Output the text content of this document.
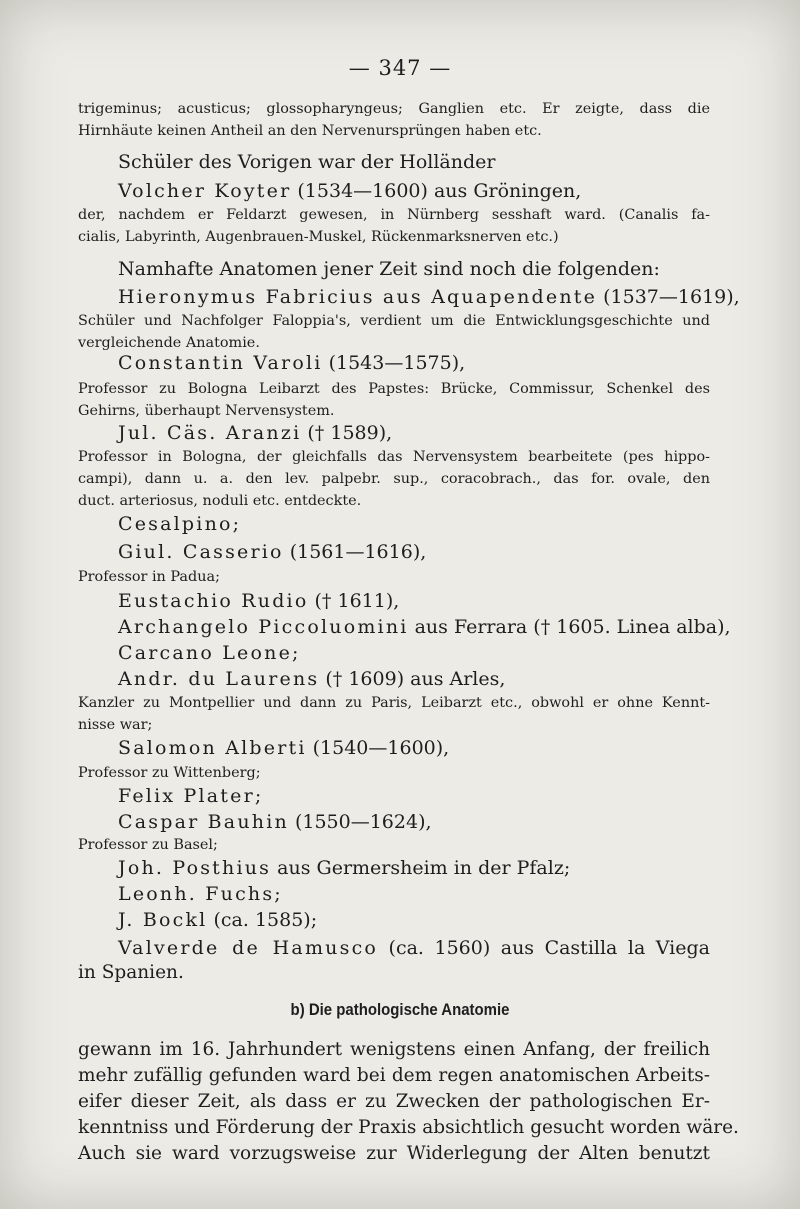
— 347 —
trigeminus; acusticus; glossopharyngeus; Ganglien etc. Er zeigte, dass die
Hirnhäute keinen Antheil an den Nervenursprüngen haben etc.
Schüler des Vorigen war der Holländer
Volcher Koyter (1534—1600) aus Gröningen,
der, nachdem er Feldarzt gewesen, in Nürnberg sesshaft ward. (Canalis fa-
cialis, Labyrinth, Augenbrauen-Muskel, Rückenmarksnerven etc.)
Namhafte Anatomen jener Zeit sind noch die folgenden:
Hieronymus Fabricius aus Aquapendente (1537—1619),
Schüler und Nachfolger Faloppia's, verdient um die Entwicklungsgeschichte und
vergleichende Anatomie.
Constantin Varoli (1543—1575),
Professor zu Bologna Leibarzt des Papstes: Brücke, Commissur, Schenkel des
Gehirns, überhaupt Nervensystem.
Jul. Cäs. Aranzi († 1589),
Professor in Bologna, der gleichfalls das Nervensystem bearbeitete (pes hippo-
campi), dann u. a. den lev. palpebr. sup., coracobrach., das for. ovale, den
duct. arteriosus, noduli etc. entdeckte.
Cesalpino;
Giul. Casserio (1561—1616),
Professor in Padua;
Eustachio Rudio († 1611),
Archangelo Piccoluomini aus Ferrara († 1605. Linea alba),
Carcano Leone;
Andr. du Laurens († 1609) aus Arles,
Kanzler zu Montpellier und dann zu Paris, Leibarzt etc., obwohl er ohne Kennt-
nisse war;
Salomon Alberti (1540—1600),
Professor zu Wittenberg;
Felix Plater;
Caspar Bauhin (1550—1624),
Professor zu Basel;
Joh. Posthius aus Germersheim in der Pfalz;
Leonh. Fuchs;
J. Bockl (ca. 1585);
Valverde de Hamusco (ca. 1560) aus Castilla la Viega
in Spanien.
b) Die pathologische Anatomie
gewann im 16. Jahrhundert wenigstens einen Anfang, der freilich
mehr zufällig gefunden ward bei dem regen anatomischen Arbeits-
eifer dieser Zeit, als dass er zu Zwecken der pathologischen Er-
kenntniss und Förderung der Praxis absichtlich gesucht worden wäre.
Auch sie ward vorzugsweise zur Widerlegung der Alten benutzt
